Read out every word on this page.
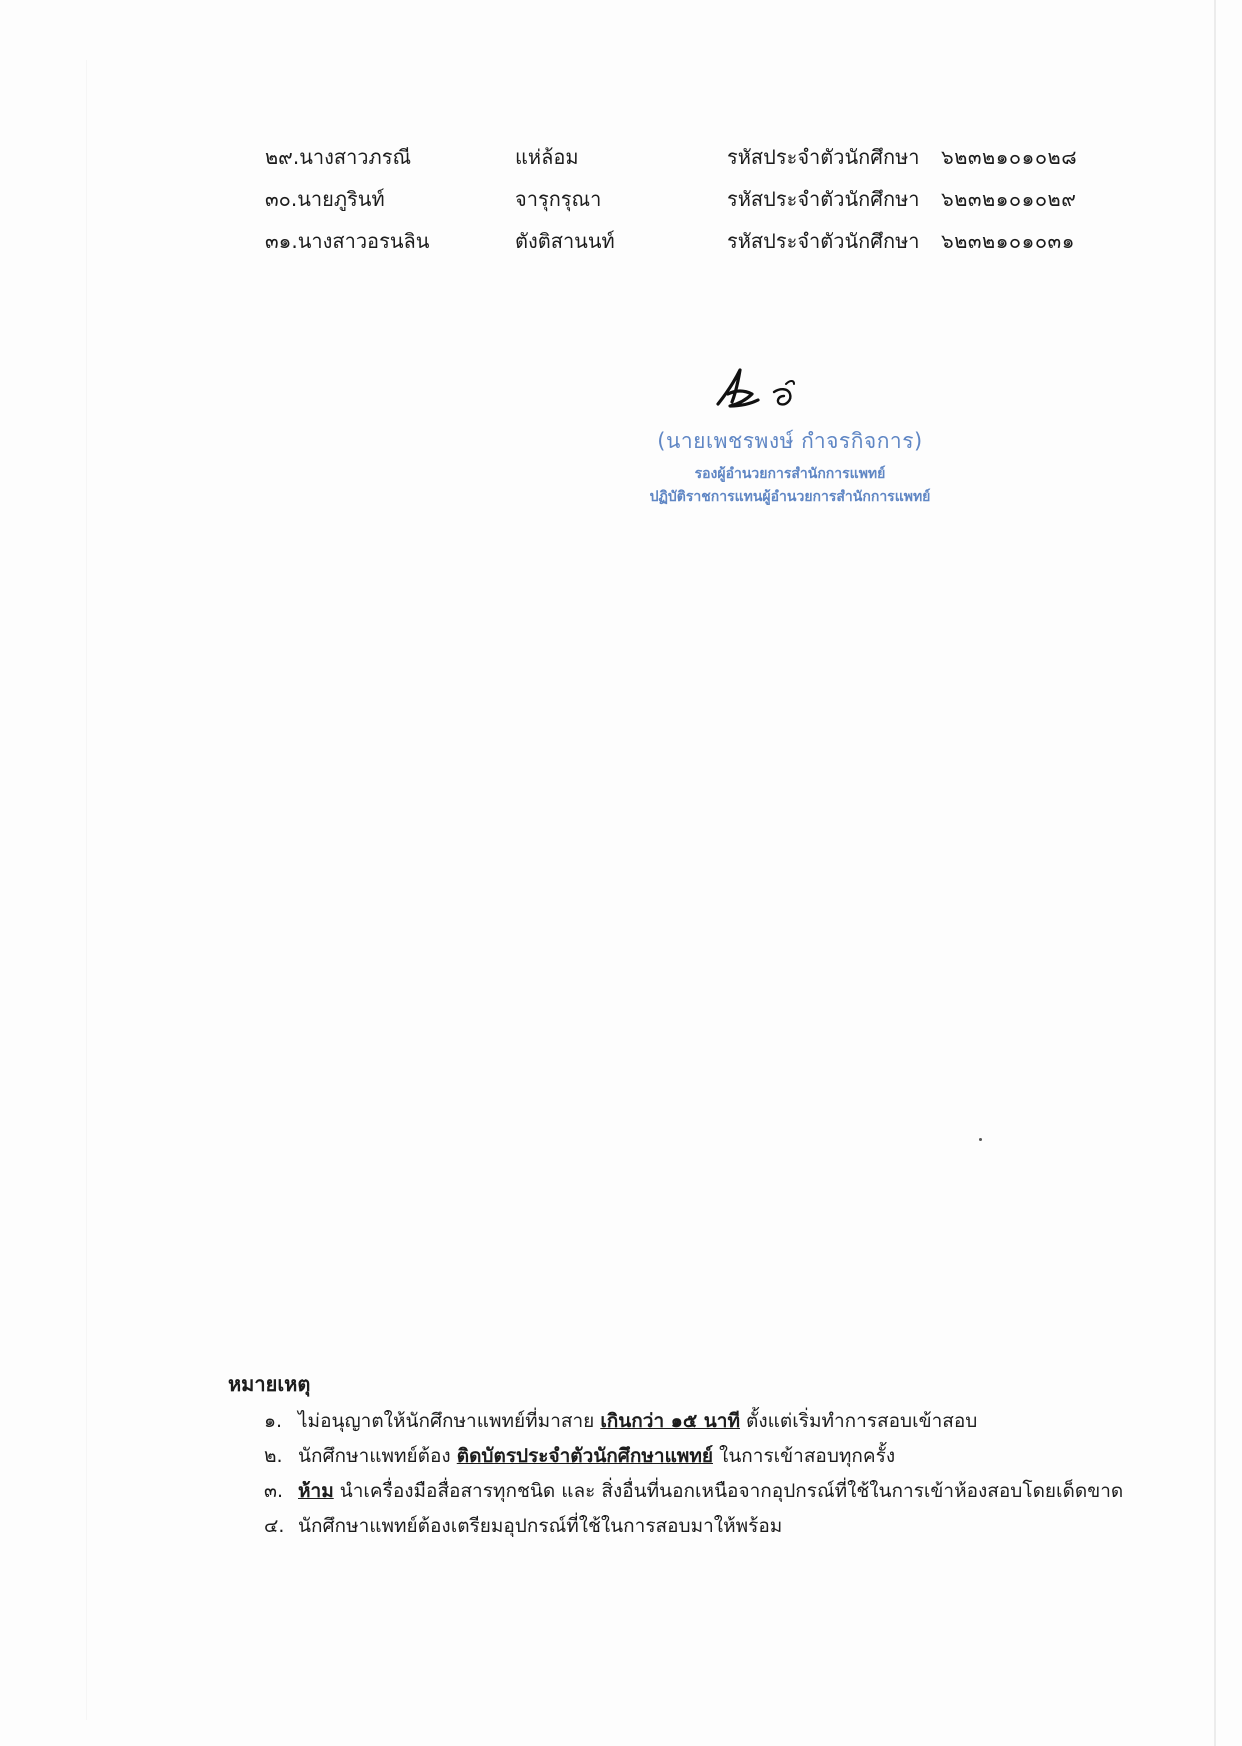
๒๙.นางสาวภรณี	แห่ล้อม	รหัสประจำตัวนักศึกษา ๖๒๓๒๑๐๑๐๒๘
๓๐.นายภูรินท์	จารุกรุณา	รหัสประจำตัวนักศึกษา ๖๒๓๒๑๐๑๐๒๙
๓๑.นางสาวอรนลิน	ตังติสานนท์	รหัสประจำตัวนักศึกษา ๖๒๓๒๑๐๑๐๓๑
(นายเพชรพงษ์ กำจรกิจการ)
รองผู้อำนวยการสำนักการแพทย์
ปฏิบัติราชการแทนผู้อำนวยการสำนักการแพทย์
หมายเหตุ
๑. ไม่อนุญาตให้นักศึกษาแพทย์ที่มาสาย เกินกว่า ๑๕ นาที ตั้งแต่เริ่มทำการสอบเข้าสอบ
๒. นักศึกษาแพทย์ต้อง ติดบัตรประจำตัวนักศึกษาแพทย์ ในการเข้าสอบทุกครั้ง
๓. ห้าม นำเครื่องมือสื่อสารทุกชนิด และ สิ่งอื่นที่นอกเหนือจากอุปกรณ์ที่ใช้ในการเข้าห้องสอบโดยเด็ดขาด
๔. นักศึกษาแพทย์ต้องเตรียมอุปกรณ์ที่ใช้ในการสอบมาให้พร้อม
